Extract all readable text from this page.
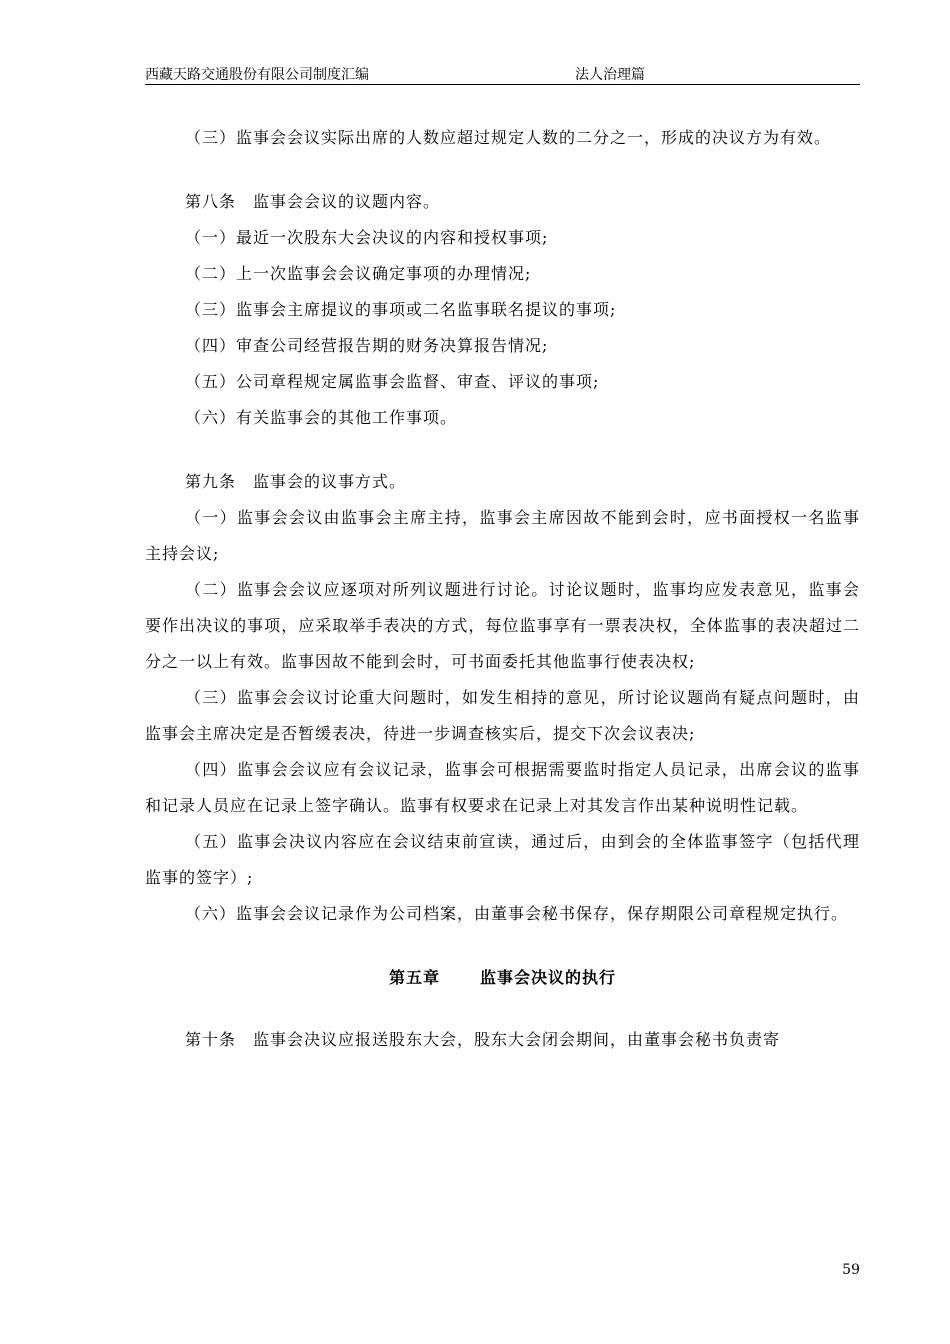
西藏天路交通股份有限公司制度汇编	法人治理篇

（三）监事会会议实际出席的人数应超过规定人数的二分之一，形成的决议方为有效。

第八条　监事会会议的议题内容。

（一）最近一次股东大会决议的内容和授权事项;

（二）上一次监事会会议确定事项的办理情况;

（三）监事会主席提议的事项或二名监事联名提议的事项;

（四）审查公司经营报告期的财务决算报告情况;

（五）公司章程规定属监事会监督、审查、评议的事项;

（六）有关监事会的其他工作事项。

第九条　监事会的议事方式。

（一）监事会会议由监事会主席主持，监事会主席因故不能到会时，应书面授权一名监事主持会议;

（二）监事会会议应逐项对所列议题进行讨论。讨论议题时，监事均应发表意见，监事会要作出决议的事项，应采取举手表决的方式，每位监事享有一票表决权，全体监事的表决超过二分之一以上有效。监事因故不能到会时，可书面委托其他监事行使表决权;

（三）监事会会议讨论重大问题时，如发生相持的意见，所讨论议题尚有疑点问题时，由监事会主席决定是否暂缓表决，待进一步调查核实后，提交下次会议表决;

（四）监事会会议应有会议记录，监事会可根据需要监时指定人员记录，出席会议的监事和记录人员应在记录上签字确认。监事有权要求在记录上对其发言作出某种说明性记载。

（五）监事会决议内容应在会议结束前宣读，通过后，由到会的全体监事签字（包括代理监事的签字）;

（六）监事会会议记录作为公司档案，由董事会秘书保存，保存期限公司章程规定执行。

第五章	监事会决议的执行

第十条　监事会决议应报送股东大会，股东大会闭会期间，由董事会秘书负责寄

59
